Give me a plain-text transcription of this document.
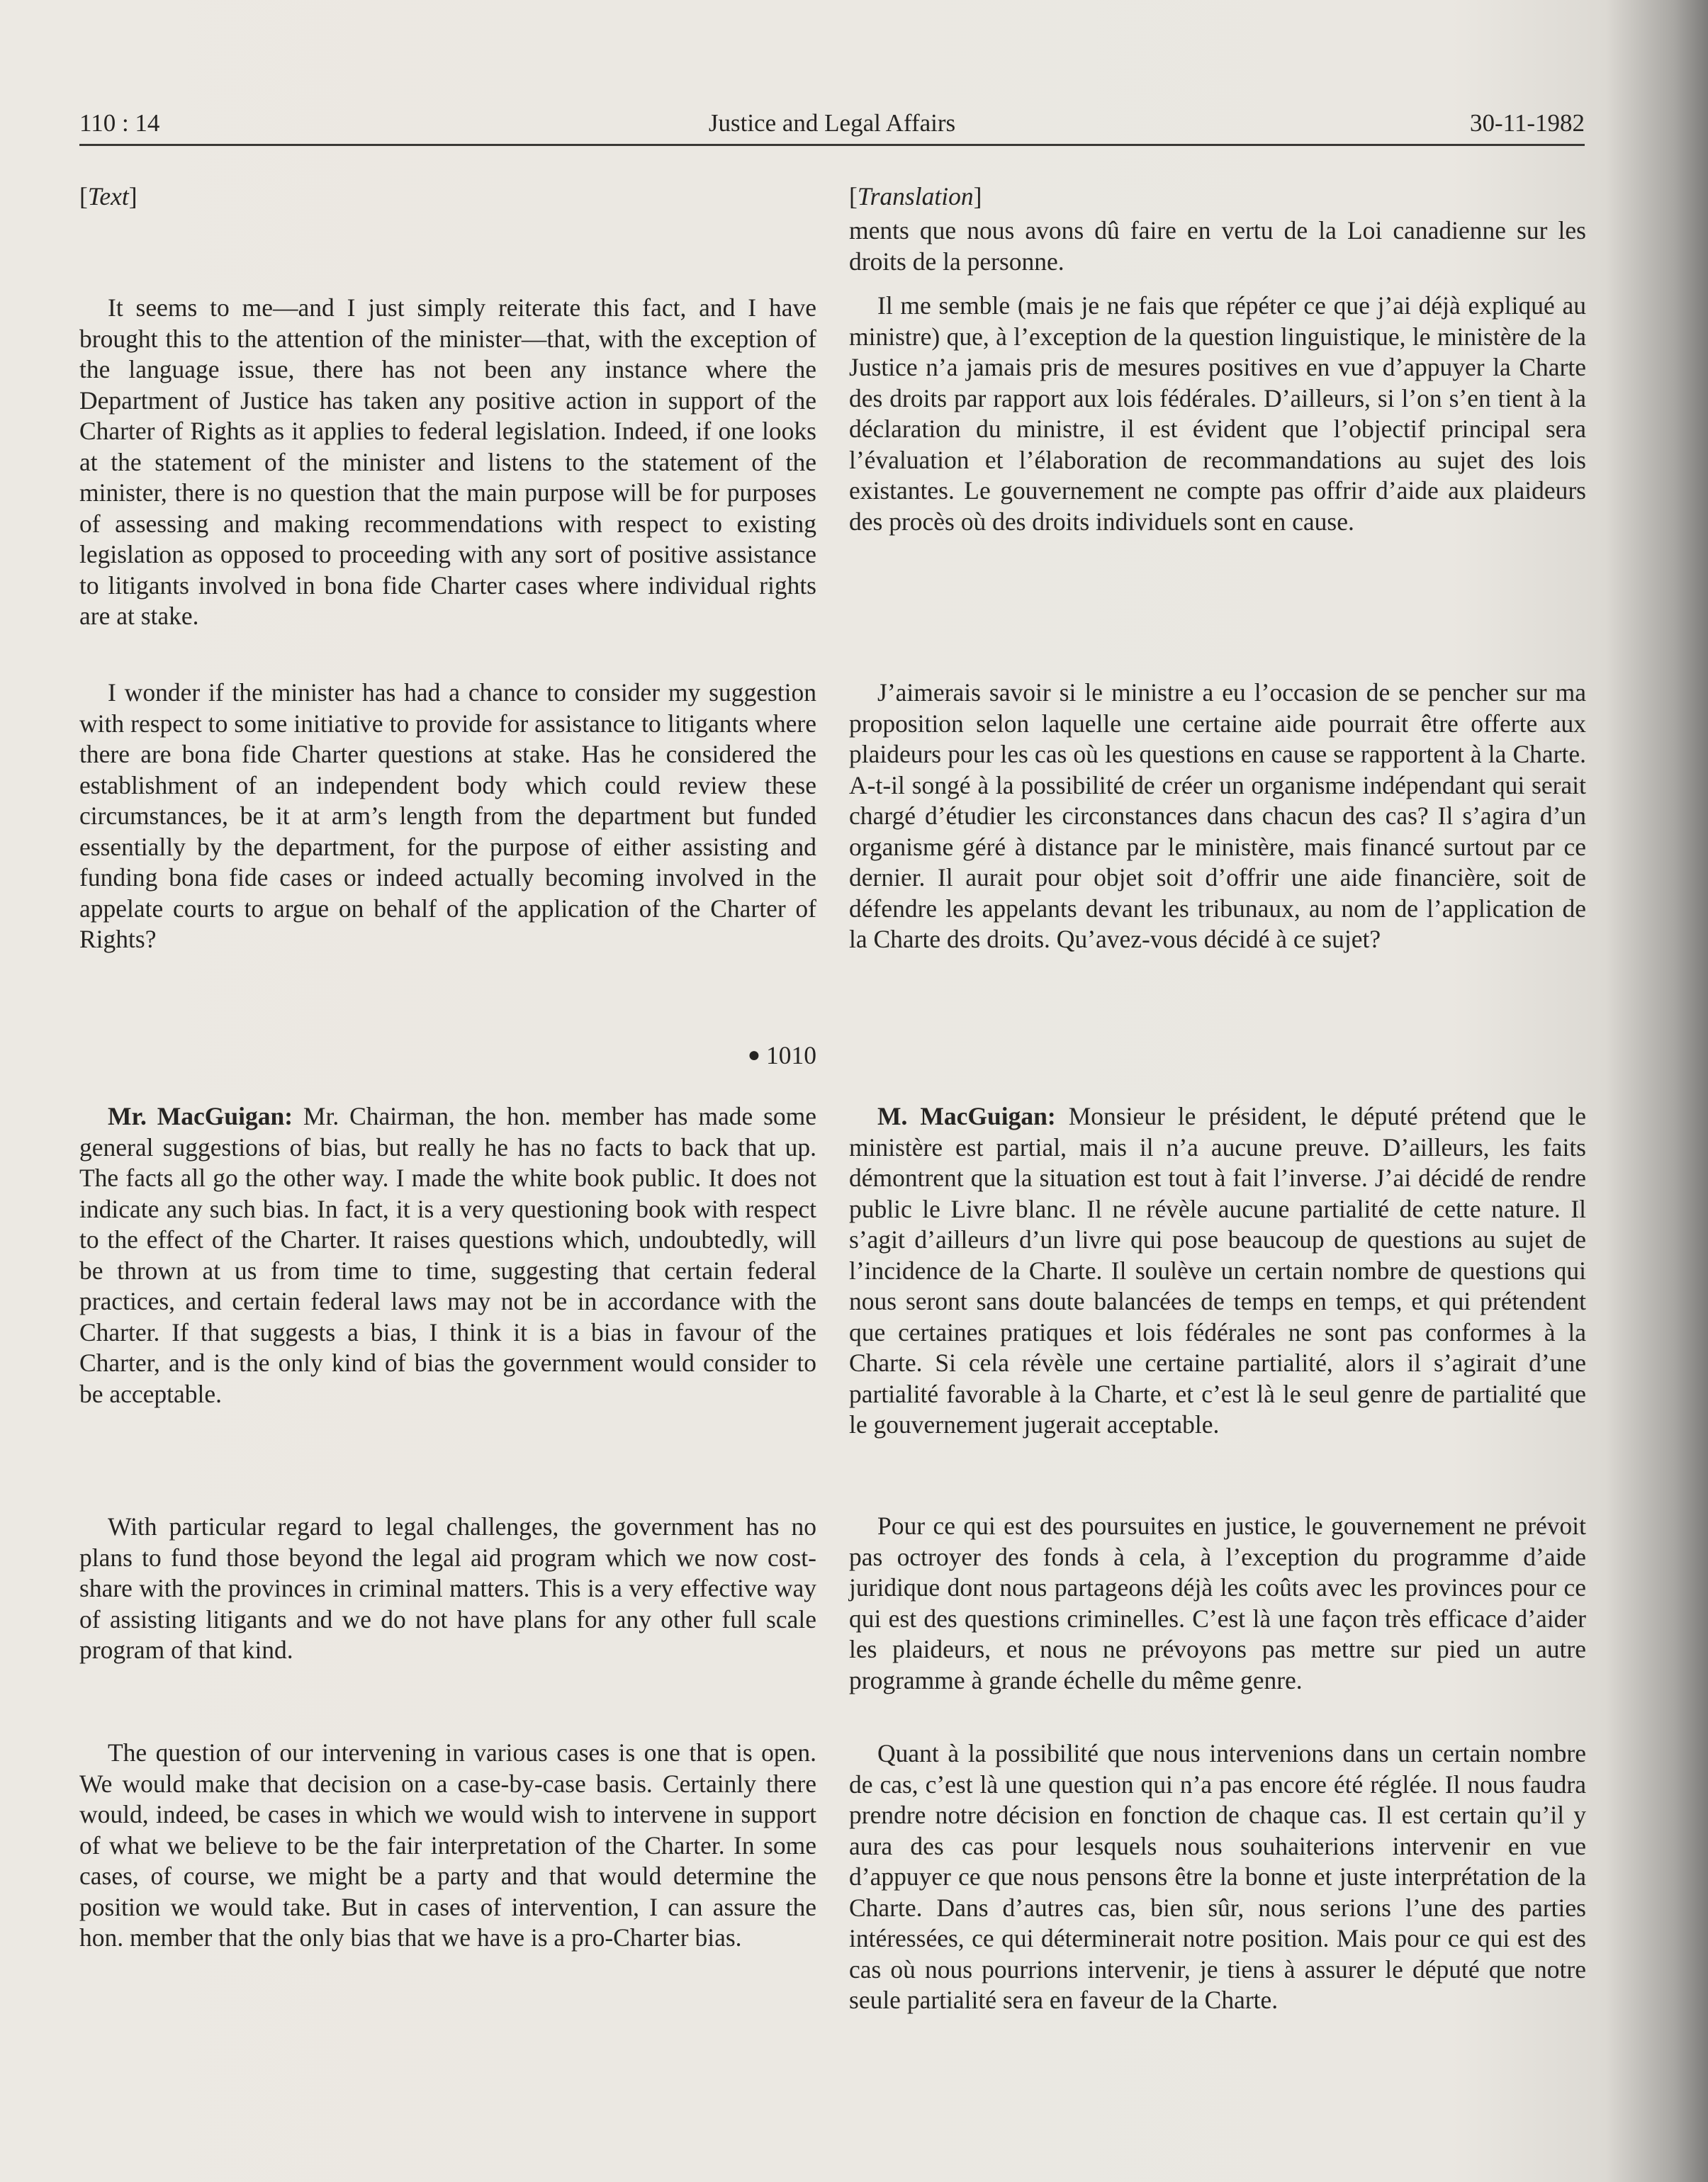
110 : 14	Justice and Legal Affairs	30-11-1982

[Text]

It seems to me—and I just simply reiterate this fact, and I have brought this to the attention of the minister—that, with the exception of the language issue, there has not been any instance where the Department of Justice has taken any positive action in support of the Charter of Rights as it applies to federal legislation. Indeed, if one looks at the statement of the minister and listens to the statement of the minister, there is no question that the main purpose will be for purposes of assessing and making recommendations with respect to existing legislation as opposed to proceeding with any sort of positive assistance to litigants involved in bona fide Charter cases where individual rights are at stake.

I wonder if the minister has had a chance to consider my suggestion with respect to some initiative to provide for assistance to litigants where there are bona fide Charter questions at stake. Has he considered the establishment of an independent body which could review these circumstances, be it at arm’s length from the department but funded essentially by the department, for the purpose of either assisting and funding bona fide cases or indeed actually becoming involved in the appelate courts to argue on behalf of the application of the Charter of Rights?

● 1010

Mr. MacGuigan: Mr. Chairman, the hon. member has made some general suggestions of bias, but really he has no facts to back that up. The facts all go the other way. I made the white book public. It does not indicate any such bias. In fact, it is a very questioning book with respect to the effect of the Charter. It raises questions which, undoubtedly, will be thrown at us from time to time, suggesting that certain federal practices, and certain federal laws may not be in accordance with the Charter. If that suggests a bias, I think it is a bias in favour of the Charter, and is the only kind of bias the government would consider to be acceptable.

With particular regard to legal challenges, the government has no plans to fund those beyond the legal aid program which we now cost-share with the provinces in criminal matters. This is a very effective way of assisting litigants and we do not have plans for any other full scale program of that kind.

The question of our intervening in various cases is one that is open. We would make that decision on a case-by-case basis. Certainly there would, indeed, be cases in which we would wish to intervene in support of what we believe to be the fair interpretation of the Charter. In some cases, of course, we might be a party and that would determine the position we would take. But in cases of intervention, I can assure the hon. member that the only bias that we have is a pro-Charter bias.

[Translation]

ments que nous avons dû faire en vertu de la Loi canadienne sur les droits de la personne.

Il me semble (mais je ne fais que répéter ce que j’ai déjà expliqué au ministre) que, à l’exception de la question linguistique, le ministère de la Justice n’a jamais pris de mesures positives en vue d’appuyer la Charte des droits par rapport aux lois fédérales. D’ailleurs, si l’on s’en tient à la déclaration du ministre, il est évident que l’objectif principal sera l’évaluation et l’élaboration de recommandations au sujet des lois existantes. Le gouvernement ne compte pas offrir d’aide aux plaideurs des procès où des droits individuels sont en cause.

J’aimerais savoir si le ministre a eu l’occasion de se pencher sur ma proposition selon laquelle une certaine aide pourrait être offerte aux plaideurs pour les cas où les questions en cause se rapportent à la Charte. A-t-il songé à la possibilité de créer un organisme indépendant qui serait chargé d’étudier les circonstances dans chacun des cas? Il s’agira d’un organisme géré à distance par le ministère, mais financé surtout par ce dernier. Il aurait pour objet soit d’offrir une aide financière, soit de défendre les appelants devant les tribunaux, au nom de l’application de la Charte des droits. Qu’avez-vous décidé à ce sujet?

M. MacGuigan: Monsieur le président, le député prétend que le ministère est partial, mais il n’a aucune preuve. D’ailleurs, les faits démontrent que la situation est tout à fait l’inverse. J’ai décidé de rendre public le Livre blanc. Il ne révèle aucune partialité de cette nature. Il s’agit d’ailleurs d’un livre qui pose beaucoup de questions au sujet de l’incidence de la Charte. Il soulève un certain nombre de questions qui nous seront sans doute balancées de temps en temps, et qui prétendent que certaines pratiques et lois fédérales ne sont pas conformes à la Charte. Si cela révèle une certaine partialité, alors il s’agirait d’une partialité favorable à la Charte, et c’est là le seul genre de partialité que le gouvernement jugerait acceptable.

Pour ce qui est des poursuites en justice, le gouvernement ne prévoit pas octroyer des fonds à cela, à l’exception du programme d’aide juridique dont nous partageons déjà les coûts avec les provinces pour ce qui est des questions criminelles. C’est là une façon très efficace d’aider les plaideurs, et nous ne prévoyons pas mettre sur pied un autre programme à grande échelle du même genre.

Quant à la possibilité que nous intervenions dans un certain nombre de cas, c’est là une question qui n’a pas encore été réglée. Il nous faudra prendre notre décision en fonction de chaque cas. Il est certain qu’il y aura des cas pour lesquels nous souhaiterions intervenir en vue d’appuyer ce que nous pensons être la bonne et juste interprétation de la Charte. Dans d’autres cas, bien sûr, nous serions l’une des parties intéressées, ce qui déterminerait notre position. Mais pour ce qui est des cas où nous pourrions intervenir, je tiens à assurer le député que notre seule partialité sera en faveur de la Charte.
